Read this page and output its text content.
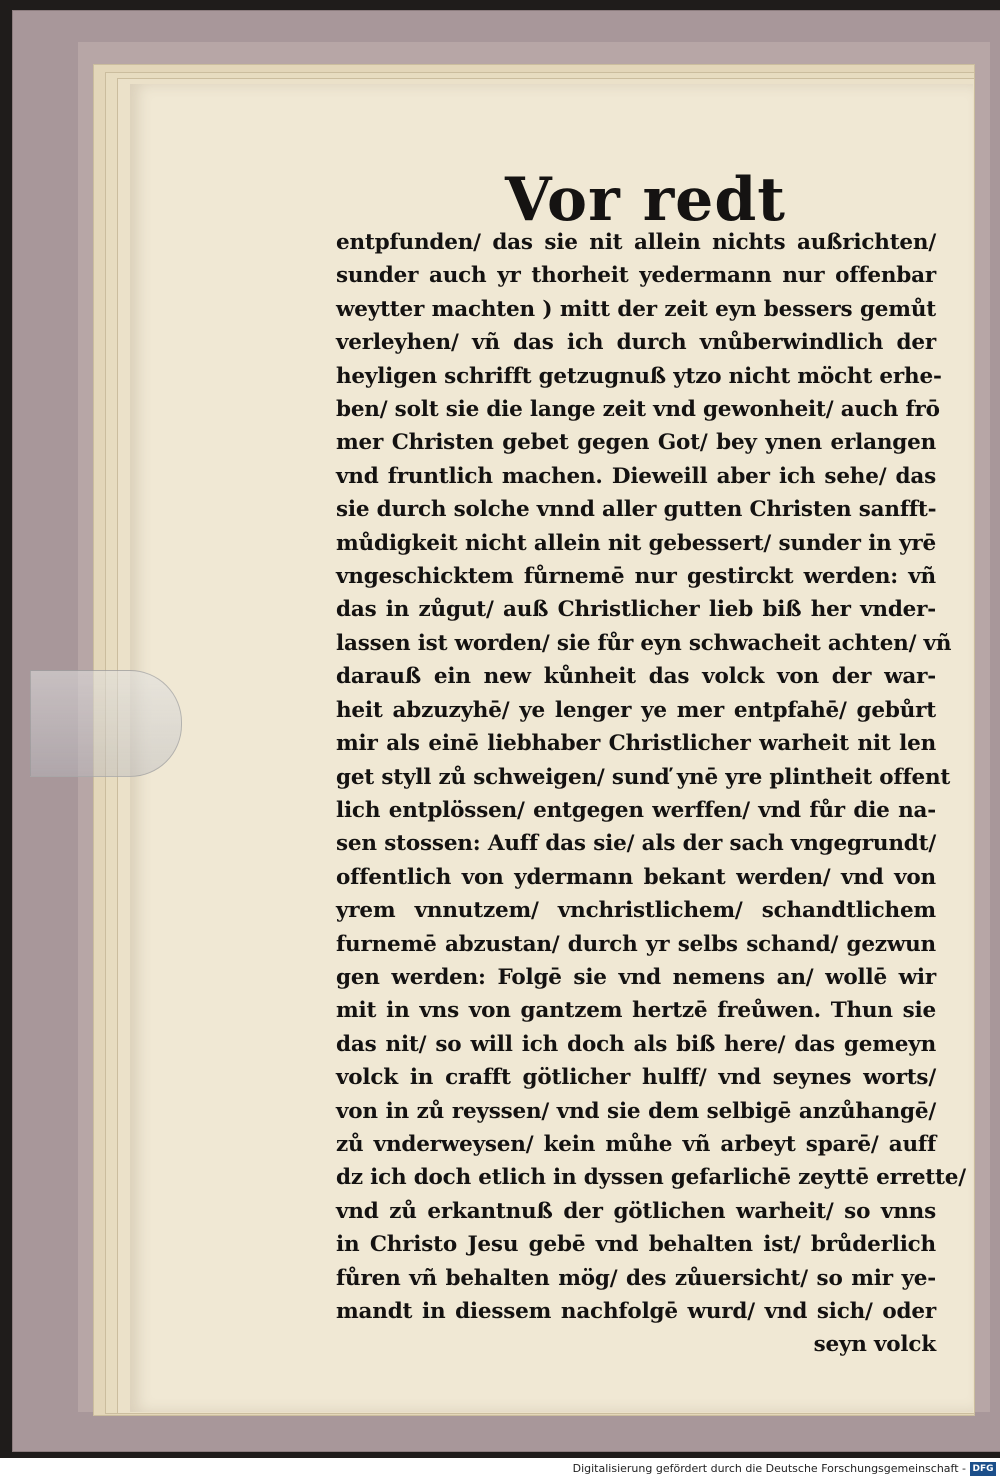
Vor redt
entpfunden/ das sie nit allein nichts außrichten/
sunder auch yr thorheit yedermann nur offenbar
weytter machten ) mitt der zeit eyn bessers gemůt
verleyhen/ vñ das ich durch vnůberwindlich der
heyligen schrifft getzugnuß ytzo nicht möcht erhe-
ben/ solt sie die lange zeit vnd gewonheit/ auch frō
mer Christen gebet gegen Got/ bey ynen erlangen
vnd fruntlich machen. Dieweill aber ich sehe/ das
sie durch solche vnnd aller gutten Christen sanfft-
můdigkeit nicht allein nit gebessert/ sunder in yrē
vngeschicktem fůrnemē nur gestirckt werden: vñ
das in zůgut/ auß Christlicher lieb biß her vnder-
lassen ist worden/ sie fůr eyn schwacheit achten/ vñ
darauß ein new kůnheit das volck von der war-
heit abzuzyhē/ ye lenger ye mer entpfahē/ gebůrt
mir als einē liebhaber Christlicher warheit nit len
get styll zů schweigen/ sunď ynē yre plintheit offent
lich entplössen/ entgegen werffen/ vnd fůr die na-
sen stossen: Auff das sie/ als der sach vngegrundt/
offentlich von ydermann bekant werden/ vnd von
yrem vnnutzem/ vnchristlichem/ schandtlichem
furnemē abzustan/ durch yr selbs schand/ gezwun
gen werden: Folgē sie vnd nemens an/ wollē wir
mit in vns von gantzem hertzē freůwen. Thun sie
das nit/ so will ich doch als biß here/ das gemeyn
volck in crafft götlicher hulff/ vnd seynes worts/
von in zů reyssen/ vnd sie dem selbigē anzůhangē/
zů vnderweysen/ kein můhe vñ arbeyt sparē/ auff
dz ich doch etlich in dyssen gefarlichē zeyttē errette/
vnd zů erkantnuß der götlichen warheit/ so vnns
in Christo Jesu gebē vnd behalten ist/ brůderlich
fůren vñ behalten mög/ des zůuersicht/ so mir ye-
mandt in diessem nachfolgē wurd/ vnd sich/ oder
seyn volck
Digitalisierung gefördert durch die Deutsche Forschungsgemeinschaft - DFG
